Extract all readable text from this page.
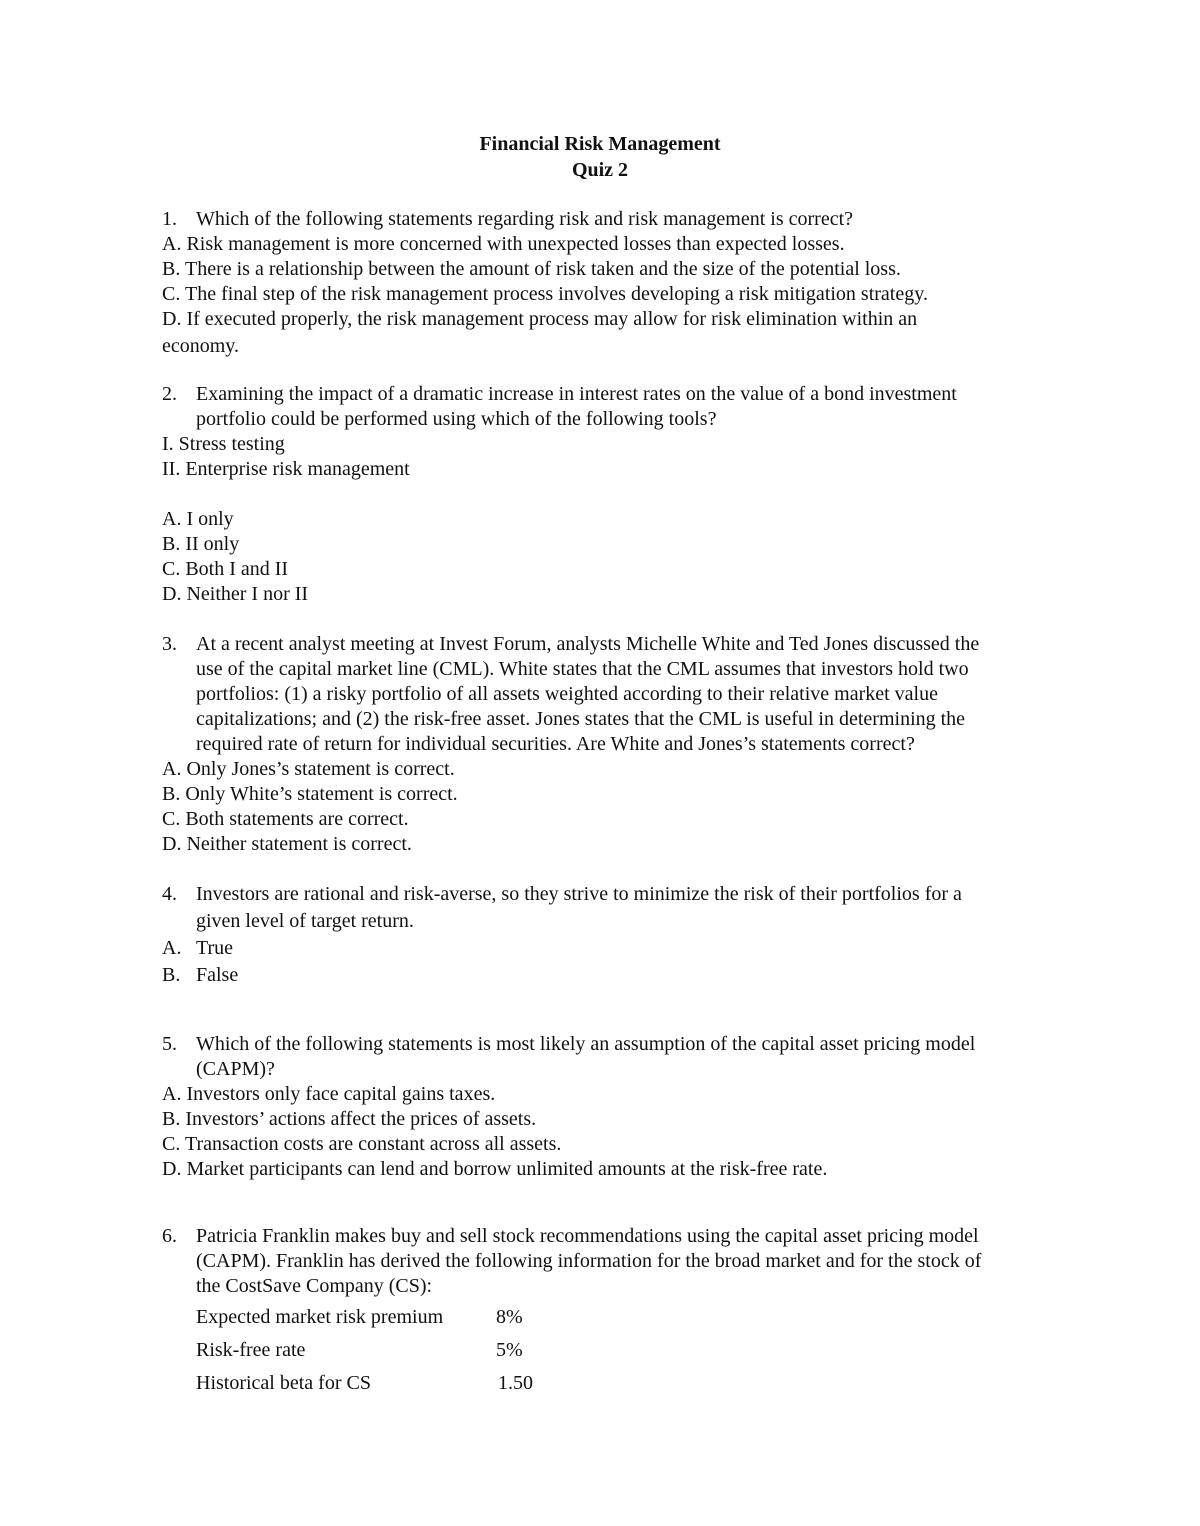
Financial Risk Management
Quiz 2
1. Which of the following statements regarding risk and risk management is correct?
A. Risk management is more concerned with unexpected losses than expected losses.
B. There is a relationship between the amount of risk taken and the size of the potential loss.
C. The final step of the risk management process involves developing a risk mitigation strategy.
D. If executed properly, the risk management process may allow for risk elimination within an
economy.
2. Examining the impact of a dramatic increase in interest rates on the value of a bond investment
portfolio could be performed using which of the following tools?
I. Stress testing
II. Enterprise risk management
A. I only
B. II only
C. Both I and II
D. Neither I nor II
3. At a recent analyst meeting at Invest Forum, analysts Michelle White and Ted Jones discussed the
use of the capital market line (CML). White states that the CML assumes that investors hold two
portfolios: (1) a risky portfolio of all assets weighted according to their relative market value
capitalizations; and (2) the risk-free asset. Jones states that the CML is useful in determining the
required rate of return for individual securities. Are White and Jones’s statements correct?
A. Only Jones’s statement is correct.
B. Only White’s statement is correct.
C. Both statements are correct.
D. Neither statement is correct.
4. Investors are rational and risk-averse, so they strive to minimize the risk of their portfolios for a
given level of target return.
A. True
B. False
5. Which of the following statements is most likely an assumption of the capital asset pricing model
(CAPM)?
A. Investors only face capital gains taxes.
B. Investors’ actions affect the prices of assets.
C. Transaction costs are constant across all assets.
D. Market participants can lend and borrow unlimited amounts at the risk-free rate.
6. Patricia Franklin makes buy and sell stock recommendations using the capital asset pricing model
(CAPM). Franklin has derived the following information for the broad market and for the stock of
the CostSave Company (CS):
Expected market risk premium	8%
Risk-free rate	5%
Historical beta for CS	1.50
